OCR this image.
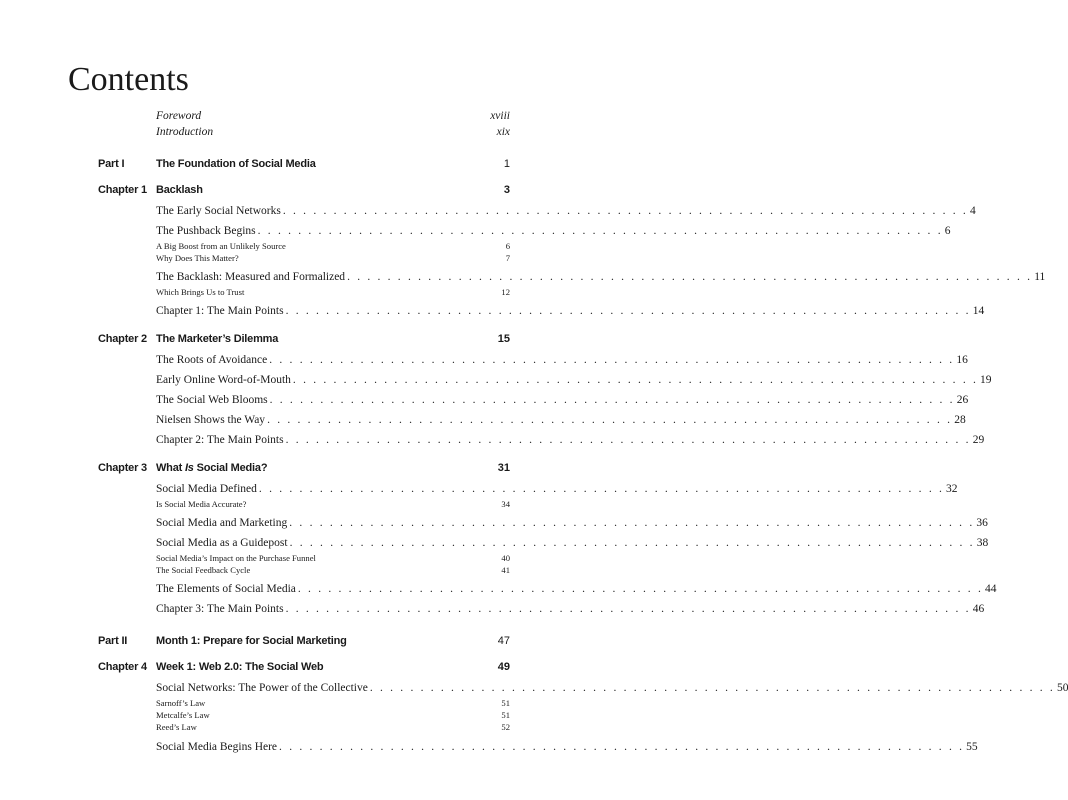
Contents
Foreword	xviii
Introduction	xix
Part I	The Foundation of Social Media	1
Chapter 1 Backlash	3
The Early Social Networks . . . . . . . . . . . . . . . . . . . . . . . . . . . . . . . . . . . . . . . . . . . . . . . . . . . . . . . . . . . . . . . . . . . . 4
The Pushback Begins . . . . . . . . . . . . . . . . . . . . . . . . . . . . . . . . . . . . . . . . . . . . . . . . . . . . . . . . . . . . . . . . . . . . 6
A Big Boost from an Unlikely Source	6
Why Does This Matter?	7
The Backlash: Measured and Formalized . . . . . . . . . . . . . . . . . . . . . . . . . . . . . . . . . . . . . . . . . . . . . . . . . . . . . . . . . . . . . . . . . . . . 11
Which Brings Us to Trust	12
Chapter 1: The Main Points . . . . . . . . . . . . . . . . . . . . . . . . . . . . . . . . . . . . . . . . . . . . . . . . . . . . . . . . . . . . . . . . . . . . 14
Chapter 2 The Marketer’s Dilemma	15
The Roots of Avoidance . . . . . . . . . . . . . . . . . . . . . . . . . . . . . . . . . . . . . . . . . . . . . . . . . . . . . . . . . . . . . . . . . . . . 16
Early Online Word-of-Mouth . . . . . . . . . . . . . . . . . . . . . . . . . . . . . . . . . . . . . . . . . . . . . . . . . . . . . . . . . . . . . . . . . . . . 19
The Social Web Blooms . . . . . . . . . . . . . . . . . . . . . . . . . . . . . . . . . . . . . . . . . . . . . . . . . . . . . . . . . . . . . . . . . . . . 26
Nielsen Shows the Way . . . . . . . . . . . . . . . . . . . . . . . . . . . . . . . . . . . . . . . . . . . . . . . . . . . . . . . . . . . . . . . . . . . . 28
Chapter 2: The Main Points . . . . . . . . . . . . . . . . . . . . . . . . . . . . . . . . . . . . . . . . . . . . . . . . . . . . . . . . . . . . . . . . . . . . 29
Chapter 3 What Is Social Media?	31
Social Media Defined . . . . . . . . . . . . . . . . . . . . . . . . . . . . . . . . . . . . . . . . . . . . . . . . . . . . . . . . . . . . . . . . . . . . 32
Is Social Media Accurate?	34
Social Media and Marketing . . . . . . . . . . . . . . . . . . . . . . . . . . . . . . . . . . . . . . . . . . . . . . . . . . . . . . . . . . . . . . . . . . . . 36
Social Media as a Guidepost . . . . . . . . . . . . . . . . . . . . . . . . . . . . . . . . . . . . . . . . . . . . . . . . . . . . . . . . . . . . . . . . . . . . 38
Social Media’s Impact on the Purchase Funnel	40
The Social Feedback Cycle	41
The Elements of Social Media . . . . . . . . . . . . . . . . . . . . . . . . . . . . . . . . . . . . . . . . . . . . . . . . . . . . . . . . . . . . . . . . . . . . 44
Chapter 3: The Main Points . . . . . . . . . . . . . . . . . . . . . . . . . . . . . . . . . . . . . . . . . . . . . . . . . . . . . . . . . . . . . . . . . . . . 46
Part II	Month 1: Prepare for Social Marketing	47
Chapter 4 Week 1: Web 2.0: The Social Web	49
Social Networks: The Power of the Collective . . . . . . . . . . . . . . . . . . . . . . . . . . . . . . . . . . . . . . . . . . . . . . . . . . . . . . . . . . . . . . . . . . . . 50
Sarnoff’s Law	51
Metcalfe’s Law	51
Reed’s Law	52
Social Media Begins Here . . . . . . . . . . . . . . . . . . . . . . . . . . . . . . . . . . . . . . . . . . . . . . . . . . . . . . . . . . . . . . . . . . . . 55
